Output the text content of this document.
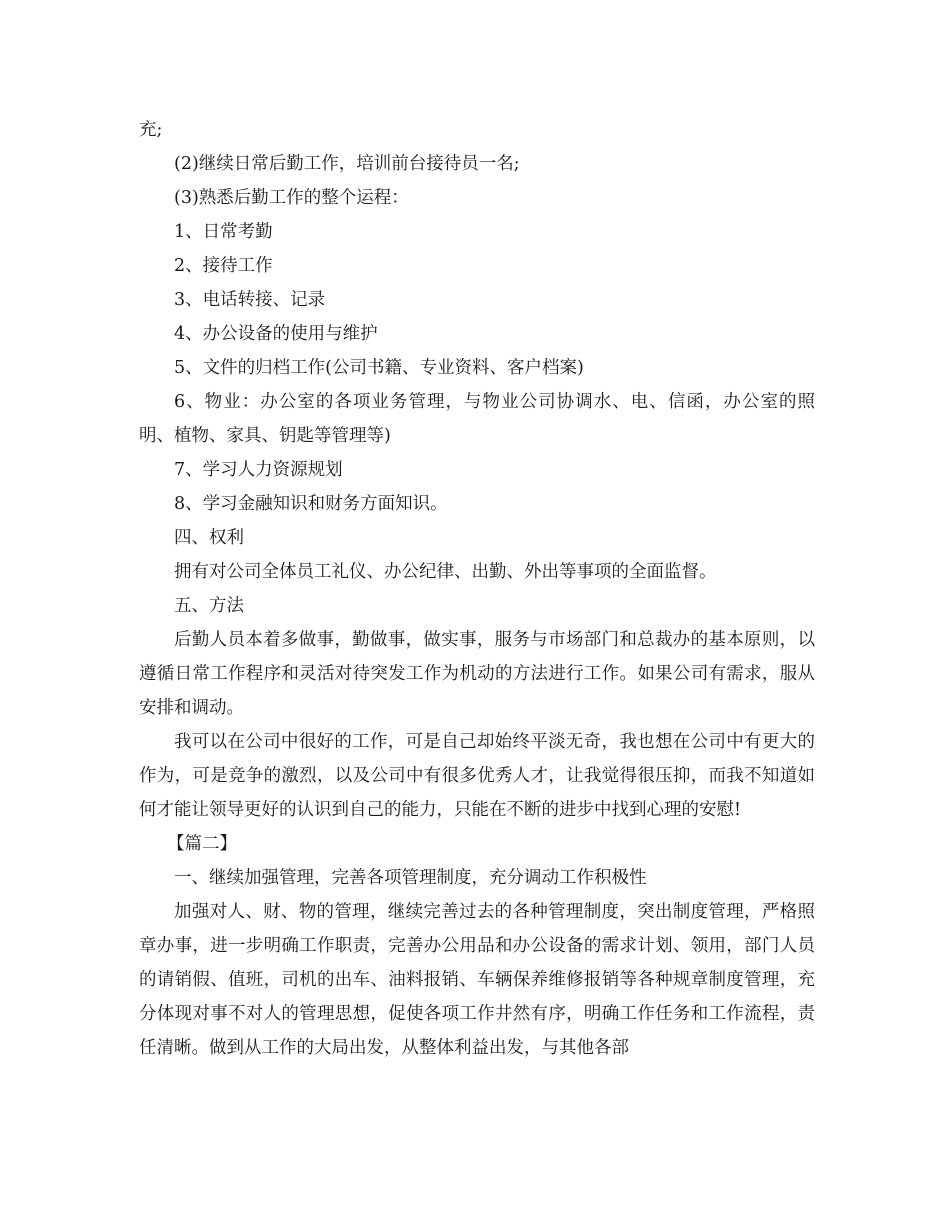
充;

(2)继续日常后勤工作，培训前台接待员一名;

(3)熟悉后勤工作的整个运程：

1、日常考勤

2、接待工作

3、电话转接、记录

4、办公设备的使用与维护

5、文件的归档工作(公司书籍、专业资料、客户档案)

6、物业：办公室的各项业务管理，与物业公司协调水、电、信函，办公室的照明、植物、家具、钥匙等管理等)

7、学习人力资源规划

8、学习金融知识和财务方面知识。

四、权利

拥有对公司全体员工礼仪、办公纪律、出勤、外出等事项的全面监督。

五、方法

后勤人员本着多做事，勤做事，做实事，服务与市场部门和总裁办的基本原则，以遵循日常工作程序和灵活对待突发工作为机动的方法进行工作。如果公司有需求，服从安排和调动。

我可以在公司中很好的工作，可是自己却始终平淡无奇，我也想在公司中有更大的作为，可是竞争的激烈，以及公司中有很多优秀人才，让我觉得很压抑，而我不知道如何才能让领导更好的认识到自己的能力，只能在不断的进步中找到心理的安慰!

【篇二】

一、继续加强管理，完善各项管理制度，充分调动工作积极性

加强对人、财、物的管理，继续完善过去的各种管理制度，突出制度管理，严格照章办事，进一步明确工作职责，完善办公用品和办公设备的需求计划、领用，部门人员的请销假、值班，司机的出车、油料报销、车辆保养维修报销等各种规章制度管理，充分体现对事不对人的管理思想，促使各项工作井然有序，明确工作任务和工作流程，责任清晰。做到从工作的大局出发，从整体利益出发，与其他各部
